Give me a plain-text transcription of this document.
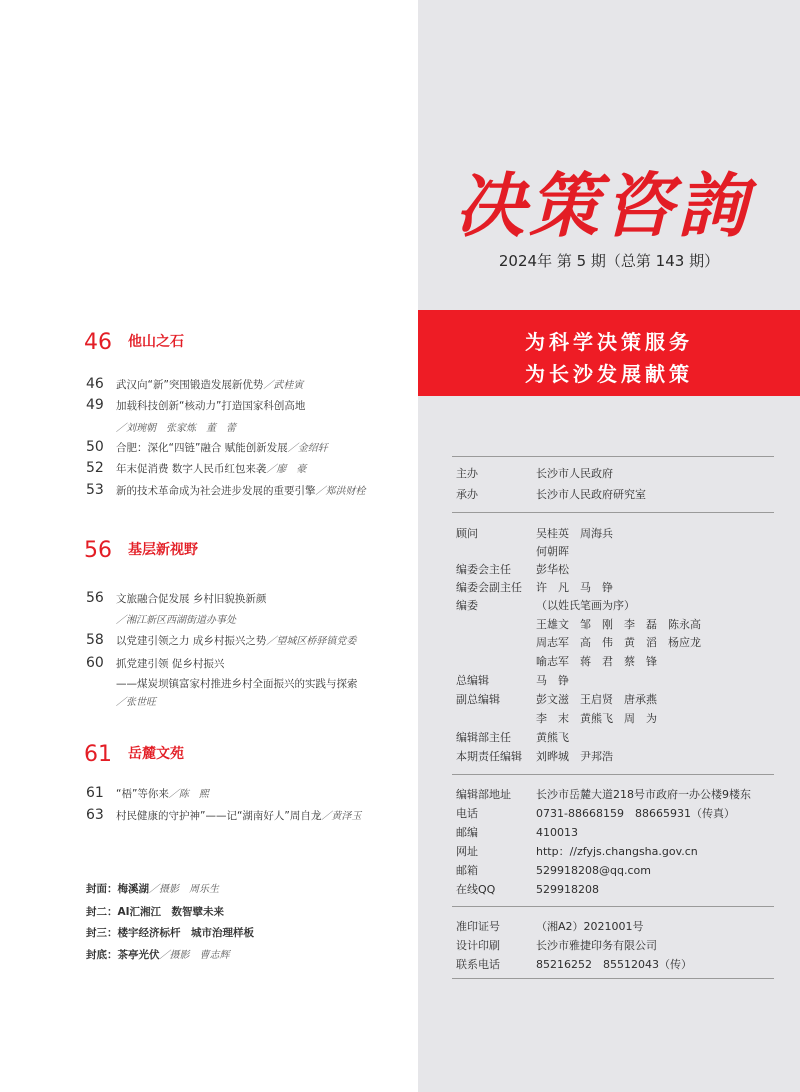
决策咨詢
2024年 第 5 期（总第 143 期）
为科学决策服务
为长沙发展献策
46 他山之石
46 武汉向“新”突围锻造发展新优势／武桂寅
49 加载科技创新“核动力”打造国家科创高地
／刘琬朝　张家炼　董　蕾
50 合肥：深化“四链”融合 赋能创新发展／金绍轩
52 年末促消费 数字人民币红包来袭／廖　豪
53 新的技术革命成为社会进步发展的重要引擎／郑洪财栓
56 基层新视野
56 文旅融合促发展 乡村旧貌换新颜
／湘江新区西湖街道办事处
58 以党建引领之力 成乡村振兴之势／望城区桥驿镇党委
60 抓党建引领 促乡村振兴
——煤炭坝镇富家村推进乡村全面振兴的实践与探索
／张世旺
61 岳麓文苑
61 “梧”等你来／陈　熙
63 村民健康的守护神”——记“湖南好人”周自龙／黄泽玉
封面：梅溪湖／摄影　周乐生
封二：AI汇湘江　数智擘未来
封三：楼宇经济标杆　城市治理样板
封底：茶亭光伏／摄影　曹志辉
主办	长沙市人民政府
承办	长沙市人民政府研究室
顾问	吴桂英　周海兵
何朝晖
编委会主任 彭华松
编委会副主任 许　凡　马　铮
编委	（以姓氏笔画为序）
王雄文　邹　刚　李　磊　陈永高
周志军　高　伟　黄　滔　杨应龙
喻志军　蒋　君　蔡　锋
总编辑	马　铮
副总编辑	彭文滋　王启贤　唐承燕
李　末　黄熊飞　周　为
编辑部主任 黄熊飞
本期责任编辑 刘晔城　尹邦浩
编辑部地址 长沙市岳麓大道218号市政府一办公楼9楼东
电话	0731-88668159　88665931（传真）
邮编	410013
网址	http：//zfyjs.changsha.gov.cn
邮箱	529918208@qq.com
在线QQ	529918208
准印证号	（湘A2）2021001号
设计印刷	长沙市雅捷印务有限公司
联系电话	85216252　85512043（传）
